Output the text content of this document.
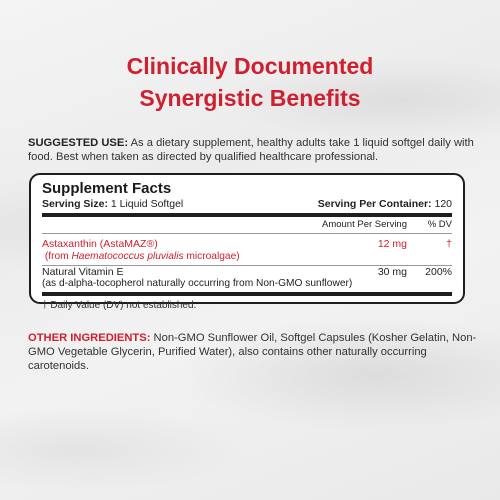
Clinically Documented
Synergistic Benefits
SUGGESTED USE: As a dietary supplement, healthy adults take 1 liquid softgel daily with food. Best when taken as directed by qualified healthcare professional.
Supplement Facts
Serving Size: 1 Liquid Softgel	Serving Per Container: 120
Amount Per Serving	% DV
Astaxanthin (AstaMAZ®)	12 mg	†
(from Haematococcus pluvialis microalgae)
Natural Vitamin E	30 mg	200%
(as d-alpha-tocopherol naturally occurring from Non-GMO sunflower)
† Daily Value (DV) not established.
OTHER INGREDIENTS: Non-GMO Sunflower Oil, Softgel Capsules (Kosher Gelatin, Non-GMO Vegetable Glycerin, Purified Water), also contains other naturally occurring carotenoids.
